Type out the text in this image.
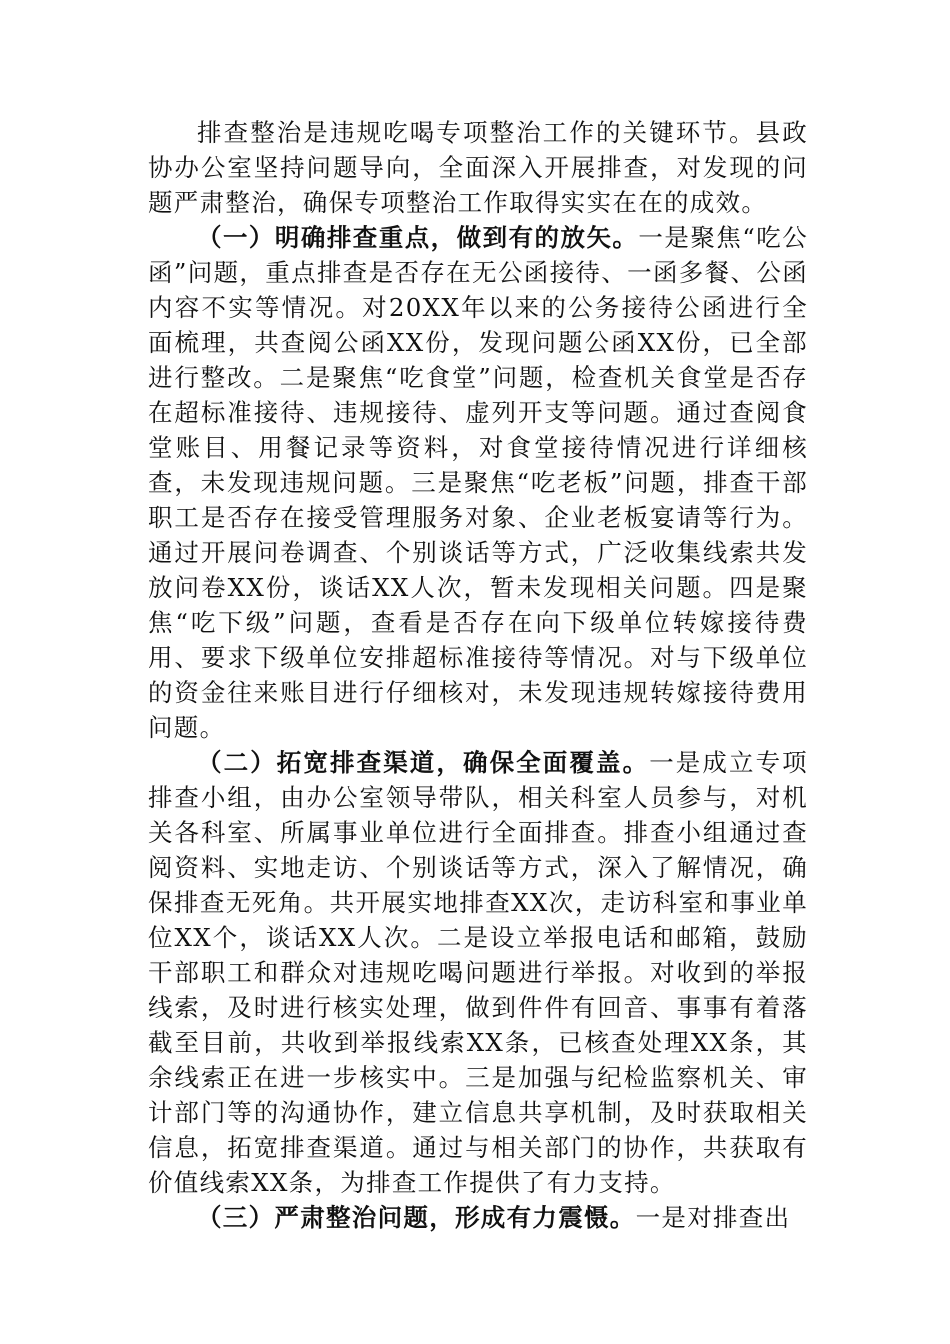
排查整治是违规吃喝专项整治工作的关键环节。县政协办公室坚持问题导向，全面深入开展排查，对发现的问题严肃整治，确保专项整治工作取得实实在在的成效。

（一）明确排查重点，做到有的放矢。一是聚焦“吃公函”问题，重点排查是否存在无公函接待、一函多餐、公函内容不实等情况。对20XX年以来的公务接待公函进行全面梳理，共查阅公函XX份，发现问题公函XX份，已全部进行整改。二是聚焦“吃食堂”问题，检查机关食堂是否存在超标准接待、违规接待、虚列开支等问题。通过查阅食堂账目、用餐记录等资料，对食堂接待情况进行详细核查，未发现违规问题。三是聚焦“吃老板”问题，排查干部职工是否存在接受管理服务对象、企业老板宴请等行为。通过开展问卷调查、个别谈话等方式，广泛收集线索共发放问卷XX份，谈话XX人次，暂未发现相关问题。四是聚焦“吃下级”问题，查看是否存在向下级单位转嫁接待费用、要求下级单位安排超标准接待等情况。对与下级单位的资金往来账目进行仔细核对，未发现违规转嫁接待费用问题。

（二）拓宽排查渠道，确保全面覆盖。一是成立专项排查小组，由办公室领导带队，相关科室人员参与，对机关各科室、所属事业单位进行全面排查。排查小组通过查阅资料、实地走访、个别谈话等方式，深入了解情况，确保排查无死角。共开展实地排查XX次，走访科室和事业单位XX个，谈话XX人次。二是设立举报电话和邮箱，鼓励干部职工和群众对违规吃喝问题进行举报。对收到的举报线索，及时进行核实处理，做到件件有回音、事事有着落截至目前，共收到举报线索XX条，已核查处理XX条，其余线索正在进一步核实中。三是加强与纪检监察机关、审计部门等的沟通协作，建立信息共享机制，及时获取相关信息，拓宽排查渠道。通过与相关部门的协作，共获取有价值线索XX条，为排查工作提供了有力支持。

（三）严肃整治问题，形成有力震慑。一是对排查出
